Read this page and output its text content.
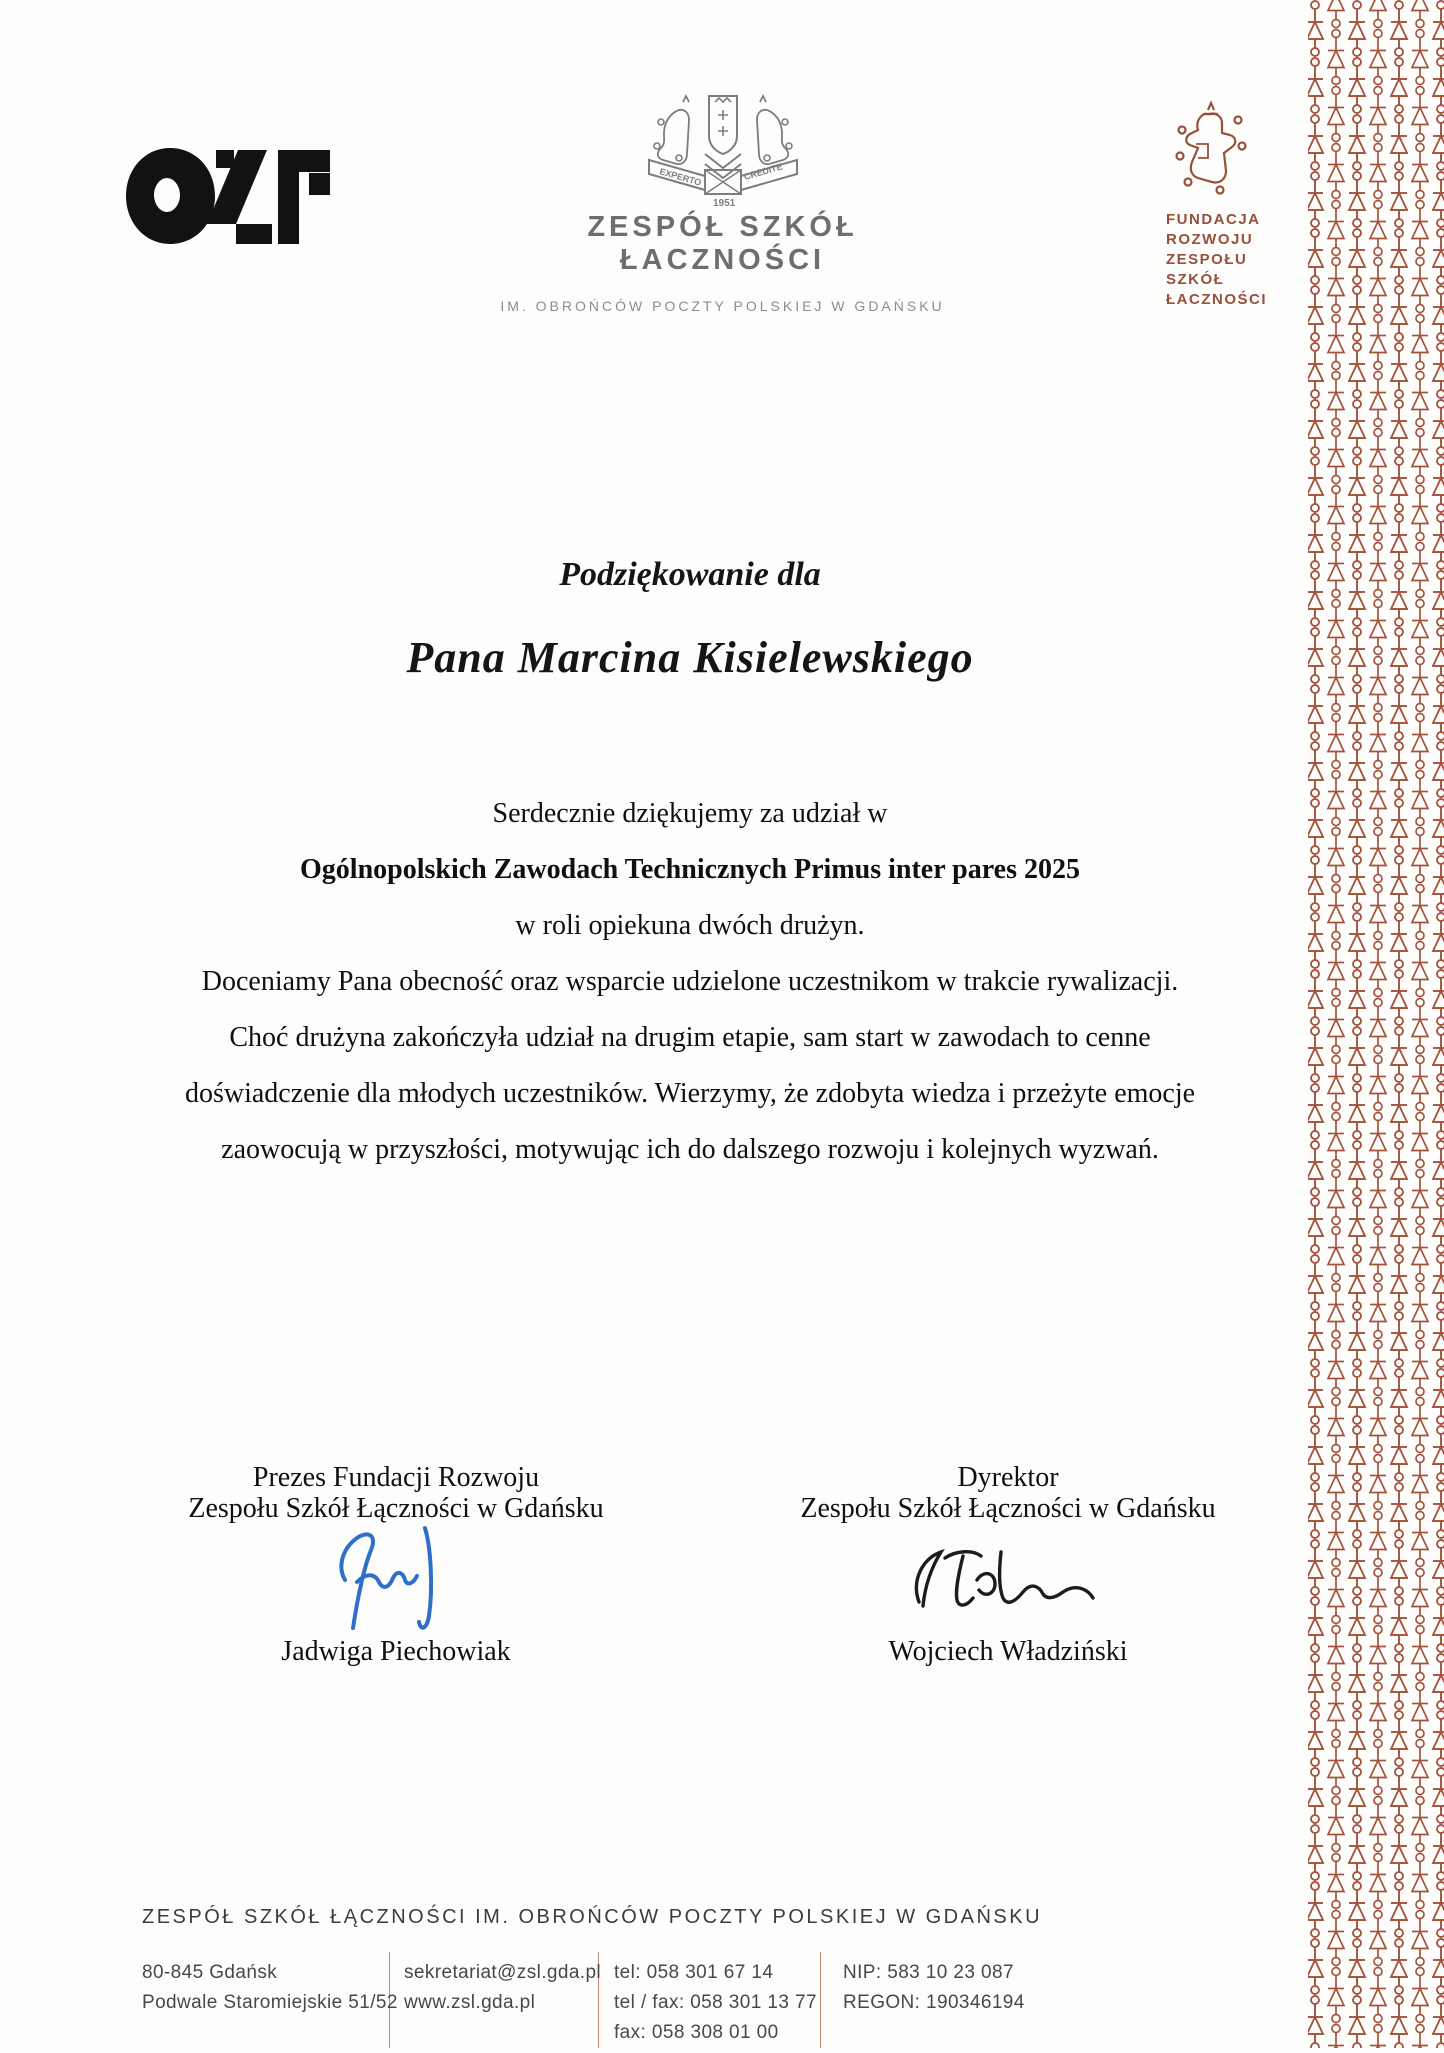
EXPERTO	CREDITE
1951
ZESPÓŁ SZKÓŁ
ŁACZNOŚCI
IM. OBROŃCÓW POCZTY POLSKIEJ W GDAŃSKU
FUNDACJA
ROZWOJU
ZESPOŁU
SZKÓŁ
ŁACZNOŚCI
Podziękowanie dla
Pana Marcina Kisielewskiego
Serdecznie dziękujemy za udział w
Ogólnopolskich Zawodach Technicznych Primus inter pares 2025
w roli opiekuna dwóch drużyn.
Doceniamy Pana obecność oraz wsparcie udzielone uczestnikom w trakcie rywalizacji.
Choć drużyna zakończyła udział na drugim etapie, sam start w zawodach to cenne
doświadczenie dla młodych uczestników. Wierzymy, że zdobyta wiedza i przeżyte emocje
zaowocują w przyszłości, motywując ich do dalszego rozwoju i kolejnych wyzwań.
Prezes Fundacji Rozwoju
Zespołu Szkół Łączności w Gdańsku
Jadwiga Piechowiak
Dyrektor
Zespołu Szkół Łączności w Gdańsku
Wojciech Władziński
ZESPÓŁ SZKÓŁ ŁĄCZNOŚCI IM. OBROŃCÓW POCZTY POLSKIEJ W GDAŃSKU
80-845 Gdańsk
Podwale Staromiejskie 51/52
sekretariat@zsl.gda.pl
www.zsl.gda.pl
tel: 058 301 67 14
tel / fax: 058 301 13 77
fax: 058 308 01 00
NIP: 583 10 23 087
REGON: 190346194
